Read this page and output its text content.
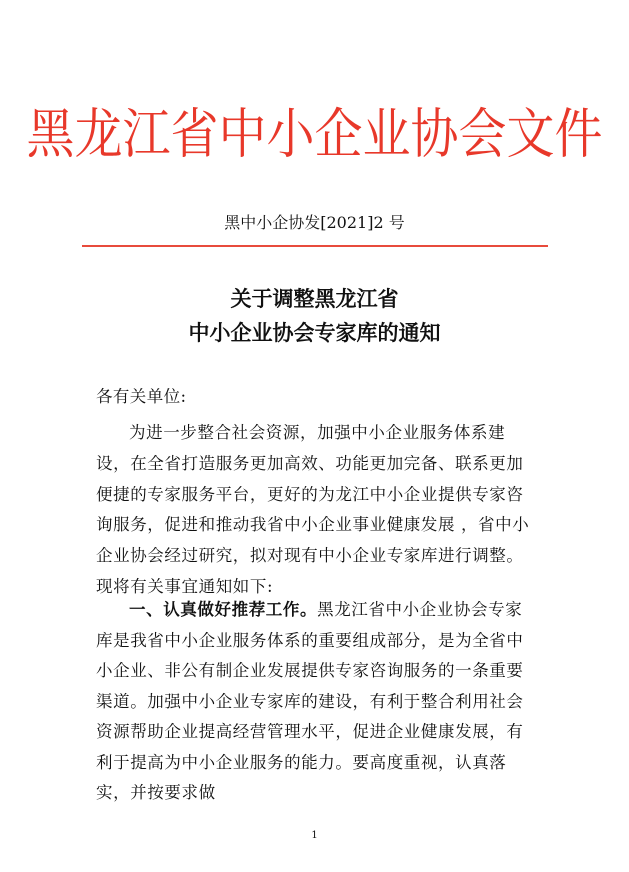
黑龙江省中小企业协会文件
黑中小企协发[2021]2 号
关于调整黑龙江省
中小企业协会专家库的通知
各有关单位:
为进一步整合社会资源，加强中小企业服务体系建设，在全省打造服务更加高效、功能更加完备、联系更加便捷的专家服务平台，更好的为龙江中小企业提供专家咨询服务，促进和推动我省中小企业事业健康发展 ，省中小企业协会经过研究，拟对现有中小企业专家库进行调整。现将有关事宜通知如下:
一、认真做好推荐工作。黑龙江省中小企业协会专家库是我省中小企业服务体系的重要组成部分，是为全省中小企业、非公有制企业发展提供专家咨询服务的一条重要渠道。加强中小企业专家库的建设，有利于整合利用社会资源帮助企业提高经营管理水平，促进企业健康发展，有利于提高为中小企业服务的能力。要高度重视，认真落实，并按要求做
1
